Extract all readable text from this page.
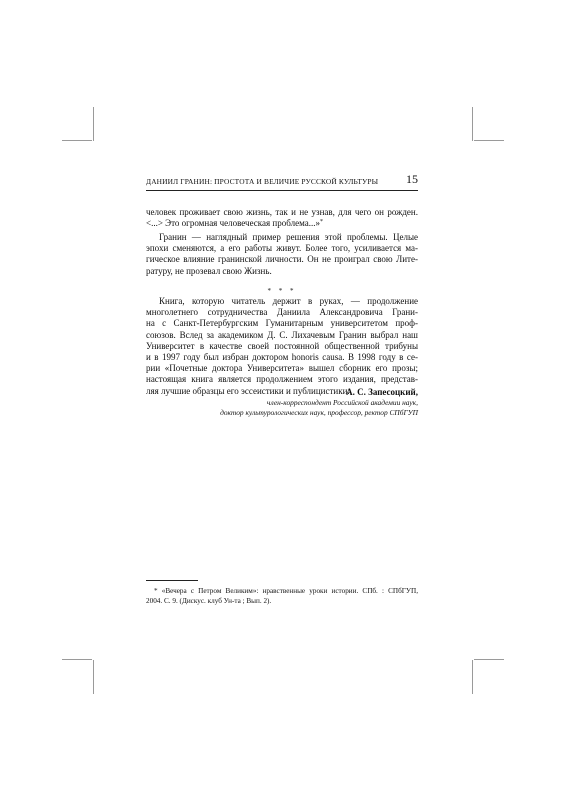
ДАНИИЛ ГРАНИН: ПРОСТОТА И ВЕЛИЧИЕ РУССКОЙ КУЛЬТУРЫ 15
человек проживает свою жизнь, так и не узнав, для чего он рожден.
<...> Это огромная человеческая проблема...»*
Гранин — наглядный пример решения этой проблемы. Целые
эпохи сменяются, а его работы живут. Более того, усиливается ма-
гическое влияние гранинской личности. Он не проиграл свою Лите-
ратуру, не прозевал свою Жизнь.
* * *
Книга, которую читатель держит в руках, — продолжение
многолетнего сотрудничества Даниила Александровича Грани-
на с Санкт-Петербургским Гуманитарным университетом проф-
союзов. Вслед за академиком Д. С. Лихачевым Гранин выбрал наш
Университет в качестве своей постоянной общественной трибуны
и в 1997 году был избран доктором honoris causa. В 1998 году в се-
рии «Почетные доктора Университета» вышел сборник его прозы;
настоящая книга является продолжением этого издания, представ-
ляя лучшие образцы его эссеистики и публицистики.
А. С. Запесоцкий,
член-корреспондент Российской академии наук,
доктор культурологических наук, профессор, ректор СПбГУП
* «Вечера с Петром Великим»: нравственные уроки истории. СПб. : СПбГУП,
2004. С. 9. (Дискус. клуб Ун-та ; Вып. 2).
